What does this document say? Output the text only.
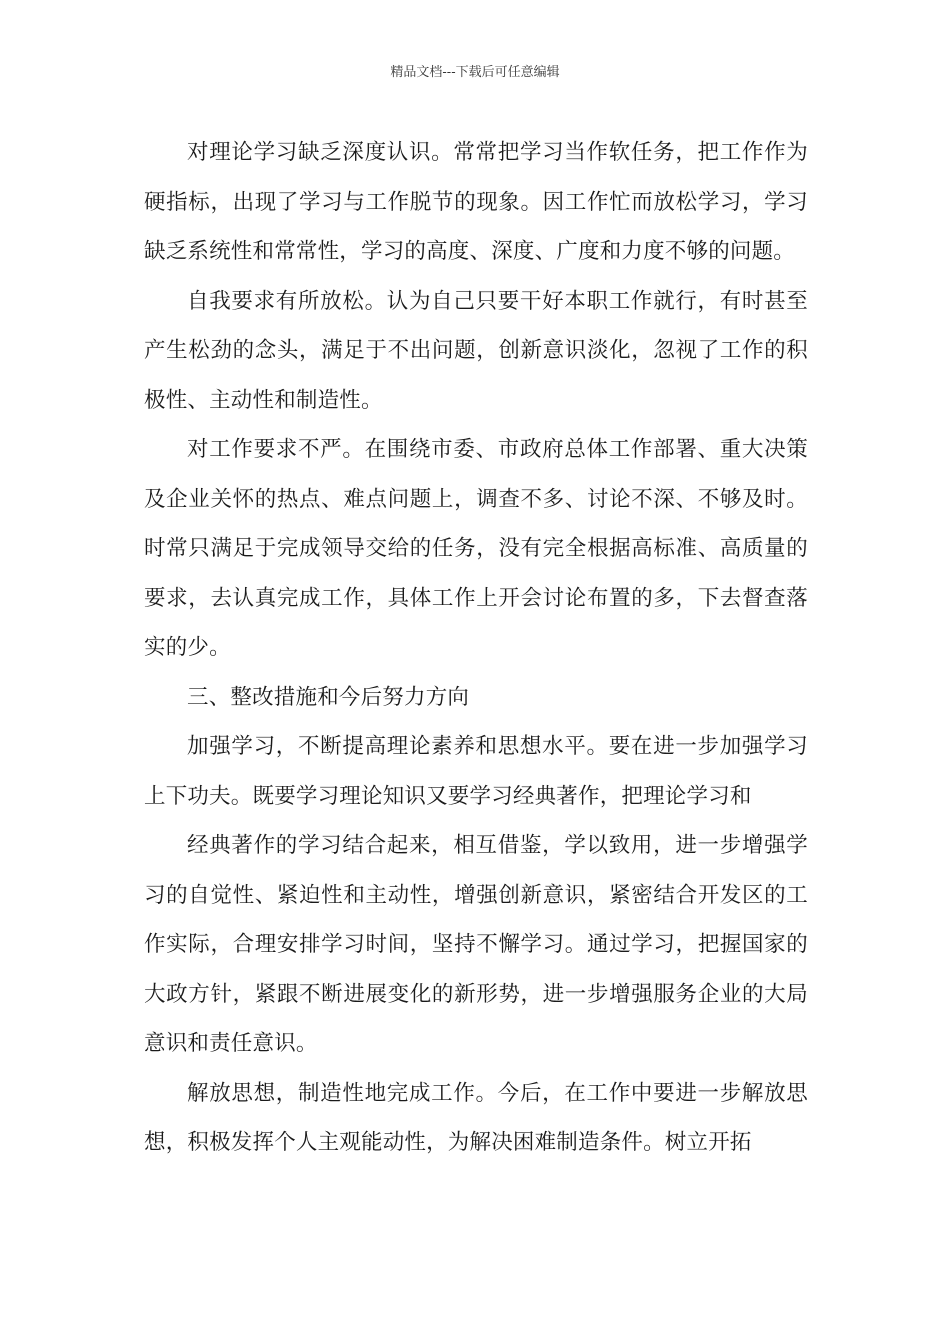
精品文档---下载后可任意编辑

对理论学习缺乏深度认识。常常把学习当作软任务，把工作作为硬指标，出现了学习与工作脱节的现象。因工作忙而放松学习，学习缺乏系统性和常常性，学习的高度、深度、广度和力度不够的问题。

自我要求有所放松。认为自己只要干好本职工作就行，有时甚至产生松劲的念头，满足于不出问题，创新意识淡化，忽视了工作的积极性、主动性和制造性。

对工作要求不严。在围绕市委、市政府总体工作部署、重大决策及企业关怀的热点、难点问题上，调查不多、讨论不深、不够及时。时常只满足于完成领导交给的任务，没有完全根据高标准、高质量的要求，去认真完成工作，具体工作上开会讨论布置的多，下去督查落实的少。

三、整改措施和今后努力方向

加强学习，不断提高理论素养和思想水平。要在进一步加强学习上下功夫。既要学习理论知识又要学习经典著作，把理论学习和

经典著作的学习结合起来，相互借鉴，学以致用，进一步增强学习的自觉性、紧迫性和主动性，增强创新意识，紧密结合开发区的工作实际，合理安排学习时间，坚持不懈学习。通过学习，把握国家的大政方针，紧跟不断进展变化的新形势，进一步增强服务企业的大局意识和责任意识。

解放思想，制造性地完成工作。今后，在工作中要进一步解放思想，积极发挥个人主观能动性，为解决困难制造条件。树立开拓
